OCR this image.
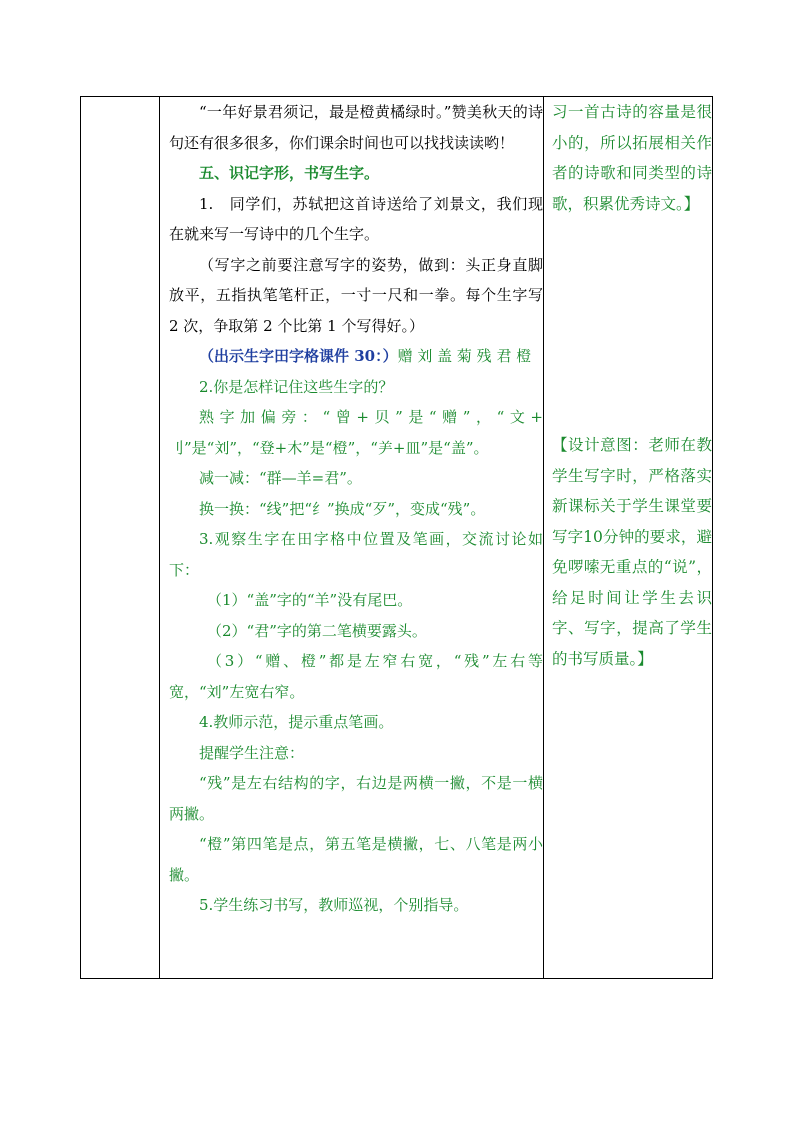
“一年好景君须记，最是橙黄橘绿时。”赞美秋天的诗句还有很多很多，你们课余时间也可以找找读读哟！

五、识记字形，书写生字。

1.　同学们，苏轼把这首诗送给了刘景文，我们现在就来写一写诗中的几个生字。

（写字之前要注意写字的姿势，做到：头正身直脚放平，五指执笔笔杆正，一寸一尺和一拳。每个生字写 2 次，争取第 2 个比第 1 个写得好。）

（出示生字田字格课件 30：）赠 刘 盖 菊 残 君 橙

2.你是怎样记住这些生字的？

熟字加偏旁：“曾+贝”是“赠”，“文+ 刂”是“刘”，“登+木”是“橙”，“⺶+皿”是“盖”。

减一减：“群—羊=君”。

换一换：“线”把“纟”换成“歹”，变成“残”。

3.观察生字在田字格中位置及笔画，交流讨论如下：

（1）“盖”字的“羊”没有尾巴。

（2）“君”字的第二笔横要露头。

（3）“赠、橙”都是左窄右宽，“残”左右等宽，“刘”左宽右窄。

4.教师示范，提示重点笔画。

提醒学生注意：

“残”是左右结构的字，右边是两横一撇，不是一横两撇。

“橙”第四笔是点，第五笔是横撇，七、八笔是两小撇。

5.学生练习书写，教师巡视，个别指导。

习一首古诗的容量是很小的，所以拓展相关作者的诗歌和同类型的诗歌，积累优秀诗文。】

【设计意图：老师在教学生写字时，严格落实新课标关于学生课堂要写字10分钟的要求，避免啰嗦无重点的“说”，给足时间让学生去识字、写字，提高了学生的书写质量。】
